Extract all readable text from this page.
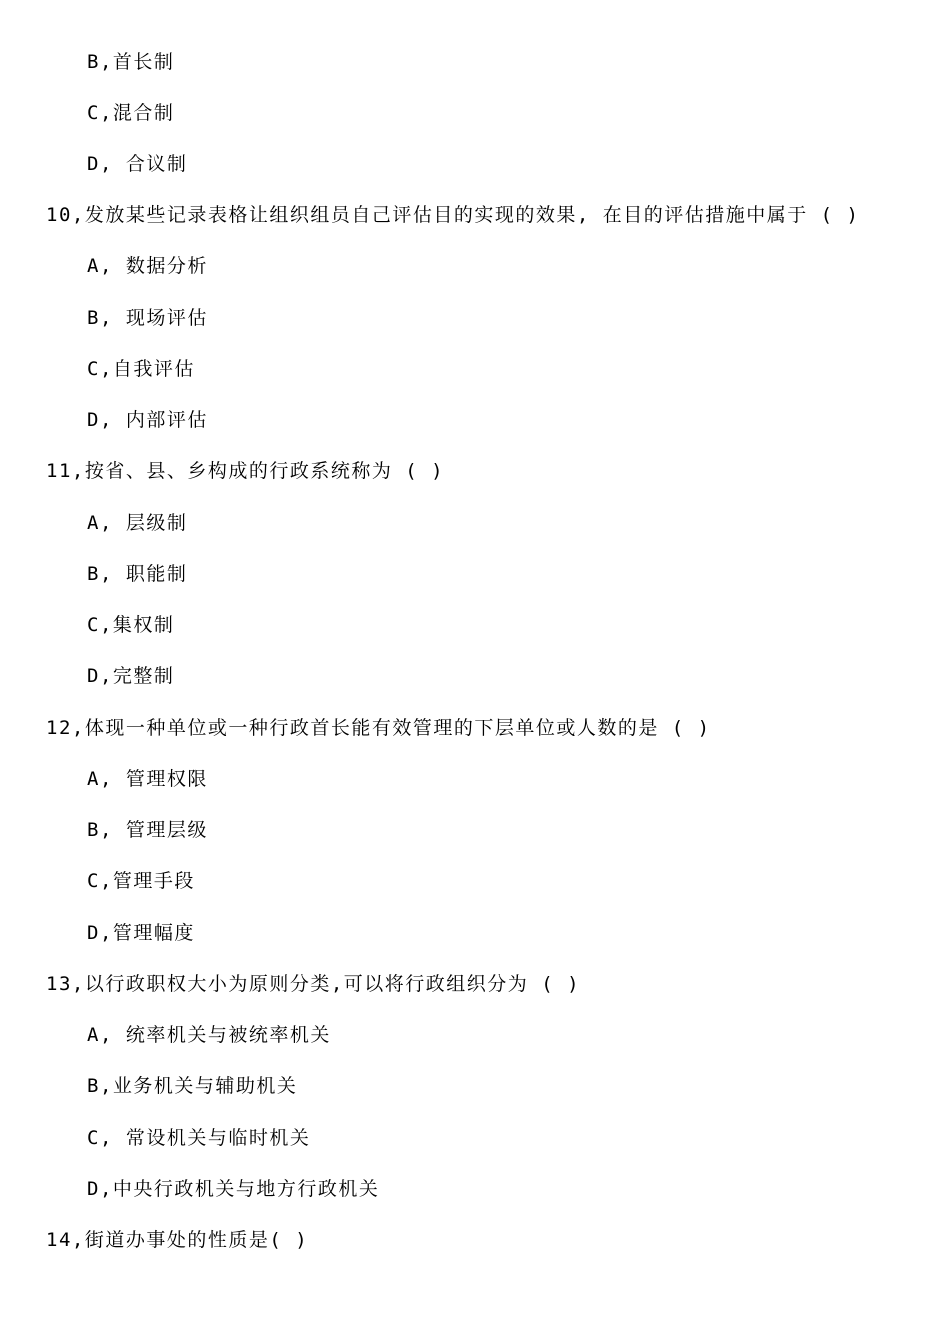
B,首长制
C,混合制
D, 合议制
10,发放某些记录表格让组织组员自己评估目的实现的效果, 在目的评估措施中属于 ( )
A, 数据分析
B, 现场评估
C,自我评估
D, 内部评估
11,按省、县、乡构成的行政系统称为 ( )
A, 层级制
B, 职能制
C,集权制
D,完整制
12,体现一种单位或一种行政首长能有效管理的下层单位或人数的是 ( )
A, 管理权限
B, 管理层级
C,管理手段
D,管理幅度
13,以行政职权大小为原则分类,可以将行政组织分为 ( )
A, 统率机关与被统率机关
B,业务机关与辅助机关
C, 常设机关与临时机关
D,中央行政机关与地方行政机关
14,街道办事处的性质是( )
